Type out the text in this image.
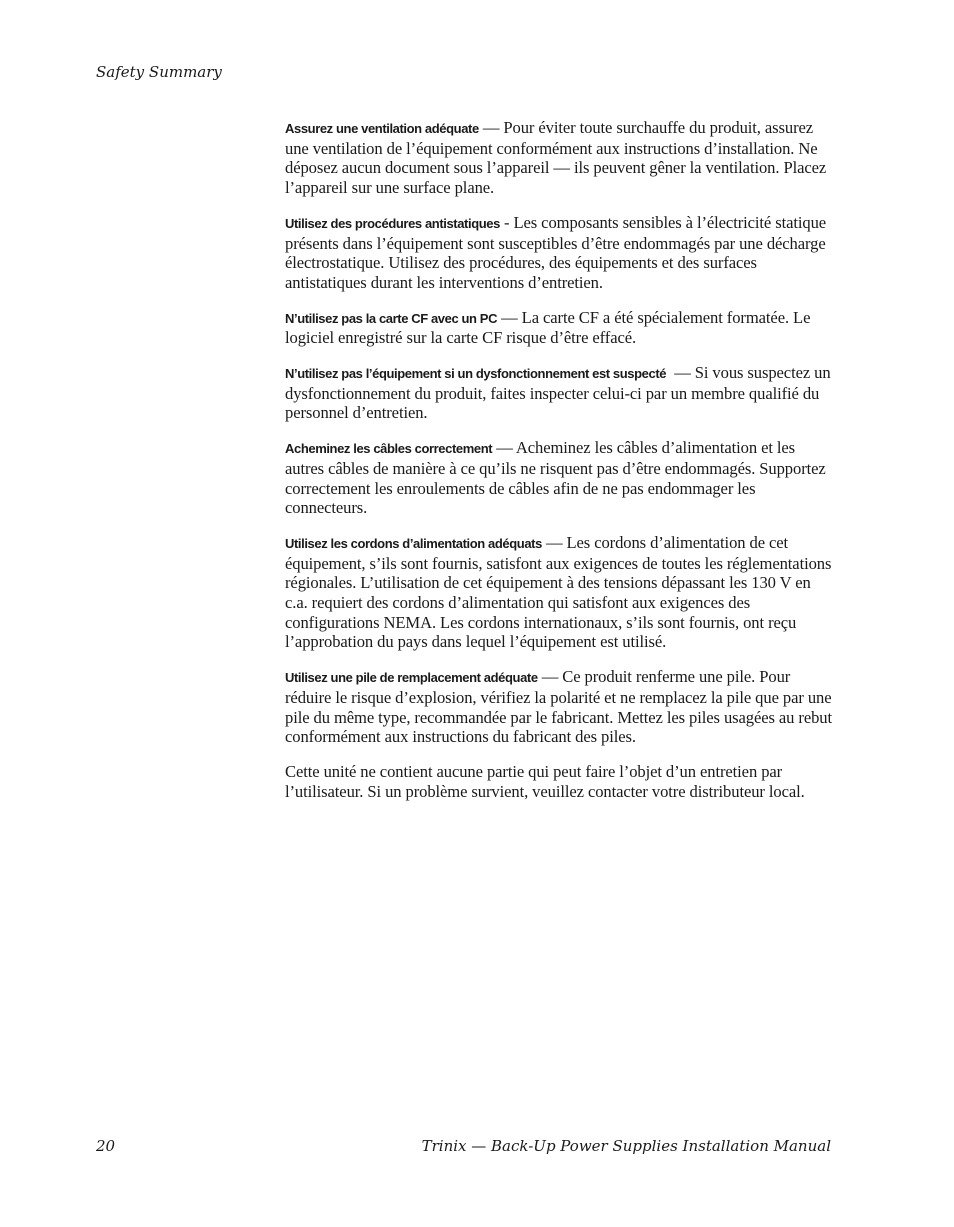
Safety Summary

Assurez une ventilation adéquate — Pour éviter toute surchauffe du produit, assurez une ventilation de l’équipement conformément aux instructions d’installation. Ne déposez aucun document sous l’appareil — ils peuvent gêner la ventilation. Placez l’appareil sur une surface plane.

Utilisez des procédures antistatiques - Les composants sensibles à l’électricité statique présents dans l’équipement sont susceptibles d’être endommagés par une décharge électrostatique. Utilisez des procédures, des équipements et des surfaces antistatiques durant les interventions d’entretien.

N’utilisez pas la carte CF avec un PC — La carte CF a été spécialement formatée. Le logiciel enregistré sur la carte CF risque d’être effacé.

N’utilisez pas l’équipement si un dysfonctionnement est suspecté  — Si vous suspectez un dysfonctionnement du produit, faites inspecter celui-ci par un membre qualifié du personnel d’entretien.

Acheminez les câbles correctement — Acheminez les câbles d’alimentation et les autres câbles de manière à ce qu’ils ne risquent pas d’être endommagés. Supportez correctement les enroulements de câbles afin de ne pas endommager les connecteurs.

Utilisez les cordons d’alimentation adéquats — Les cordons d’alimentation de cet équipement, s’ils sont fournis, satisfont aux exigences de toutes les réglementations régionales. L’utilisation de cet équipement à des tensions dépassant les 130 V en c.a. requiert des cordons d’alimentation qui satisfont aux exigences des configurations NEMA. Les cordons internationaux, s’ils sont fournis, ont reçu l’approbation du pays dans lequel l’équipement est utilisé.

Utilisez une pile de remplacement adéquate — Ce produit renferme une pile. Pour réduire le risque d’explosion, vérifiez la polarité et ne remplacez la pile que par une pile du même type, recommandée par le fabricant. Mettez les piles usagées au rebut conformément aux instructions du fabricant des piles.

Cette unité ne contient aucune partie qui peut faire l’objet d’un entretien par l’utilisateur. Si un problème survient, veuillez contacter votre distributeur local.

20	Trinix — Back-Up Power Supplies Installation Manual
